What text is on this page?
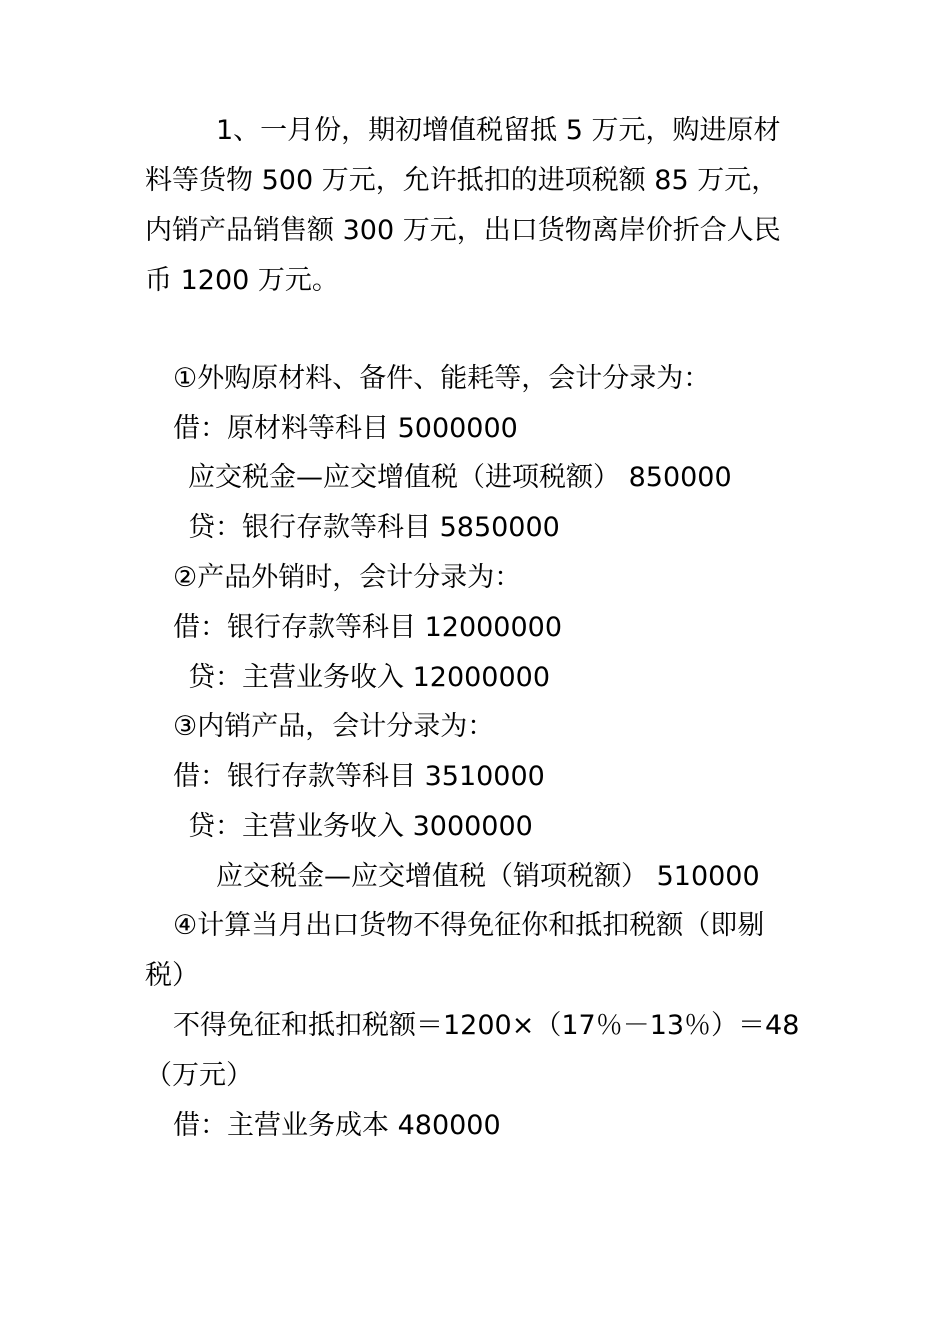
1、一月份，期初增值税留抵 5 万元，购进原材
料等货物 500 万元，允许抵扣的进项税额 85 万元，
内销产品销售额 300 万元，出口货物离岸价折合人民
币 1200 万元。
①外购原材料、备件、能耗等，会计分录为：
借：原材料等科目 5000000
应交税金—应交增值税（进项税额） 850000
贷：银行存款等科目 5850000
②产品外销时，会计分录为：
借：银行存款等科目 12000000
贷：主营业务收入 12000000
③内销产品，会计分录为：
借：银行存款等科目 3510000
贷：主营业务收入 3000000
应交税金—应交增值税（销项税额） 510000
④计算当月出口货物不得免征你和抵扣税额（即剔
税）
不得免征和抵扣税额＝1200×（17％－13％）＝48
（万元）
借：主营业务成本 480000
